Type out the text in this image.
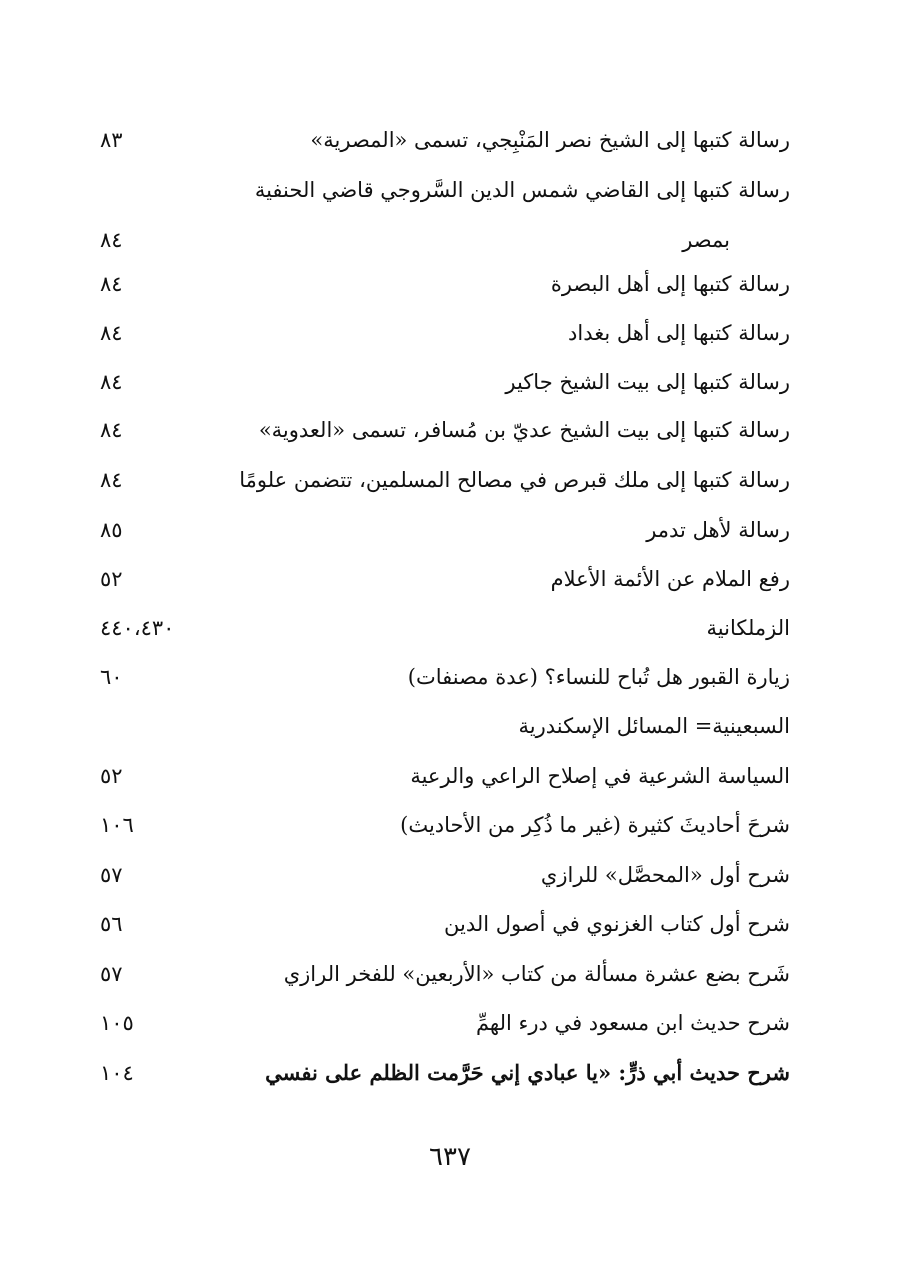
رسالة كتبها إلى الشيخ نصر المَنْبِجي، تسمى «المصرية»
٨٣
رسالة كتبها إلى القاضي شمس الدين السَّروجي قاضي الحنفية
بمصر
٨٤
رسالة كتبها إلى أهل البصرة
٨٤
رسالة كتبها إلى أهل بغداد
٨٤
رسالة كتبها إلى بيت الشيخ جاكير
٨٤
رسالة كتبها إلى بيت الشيخ عديّ بن مُسافر، تسمى «العدوية»
٨٤
رسالة كتبها إلى ملك قبرص في مصالح المسلمين، تتضمن علومًا
٨٤
رسالة لأهل تدمر
٨٥
رفع الملام عن الأئمة الأعلام
٥٢
الزملكانية
٤٤٠،٤٣٠
زيارة القبور هل تُباح للنساء؟ (عدة مصنفات)
٦٠
السبعينية= المسائل الإسكندرية
السياسة الشرعية في إصلاح الراعي والرعية
٥٢
شرحَ أحاديثَ كثيرة (غير ما ذُكِر من الأحاديث)
١٠٦
شرح أول «المحصَّل» للرازي
٥٧
شرح أول كتاب الغزنوي في أصول الدين
٥٦
شَرح بضع عشرة مسألة من كتاب «الأربعين» للفخر الرازي
٥٧
شرح حديث ابن مسعود في درء الهمِّ
١٠٥
شرح حديث أبي ذرٍّ: «يا عبادي إني حَرَّمت الظلم على نفسي
١٠٤
٦٣٧
